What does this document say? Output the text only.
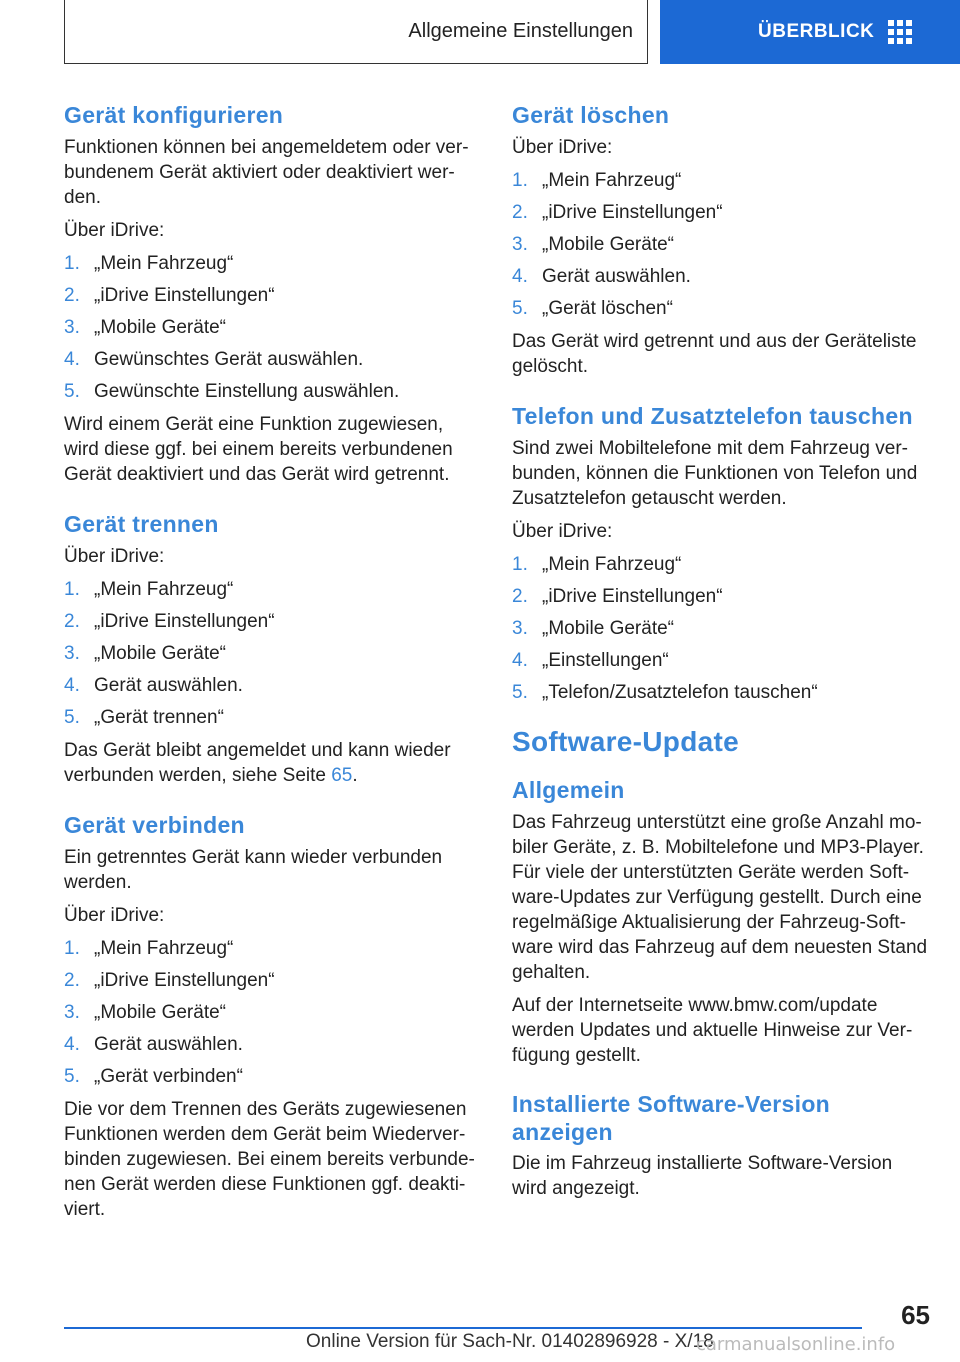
Allgemeine Einstellungen	ÜBERBLICK
Gerät konfigurieren

Funktionen können bei angemeldetem oder ver-bundenem Gerät aktiviert oder deaktiviert wer-den.

Über iDrive:

1. „Mein Fahrzeug“
2. „iDrive Einstellungen“
3. „Mobile Geräte“
4. Gewünschtes Gerät auswählen.
5. Gewünschte Einstellung auswählen.

Wird einem Gerät eine Funktion zugewiesen, wird diese ggf. bei einem bereits verbundenen Gerät deaktiviert und das Gerät wird getrennt.

Gerät trennen

Über iDrive:

1. „Mein Fahrzeug“
2. „iDrive Einstellungen“
3. „Mobile Geräte“
4. Gerät auswählen.
5. „Gerät trennen“

Das Gerät bleibt angemeldet und kann wieder verbunden werden, siehe Seite 65.

Gerät verbinden

Ein getrenntes Gerät kann wieder verbunden werden.

Über iDrive:

1. „Mein Fahrzeug“
2. „iDrive Einstellungen“
3. „Mobile Geräte“
4. Gerät auswählen.
5. „Gerät verbinden“

Die vor dem Trennen des Geräts zugewiesenen Funktionen werden dem Gerät beim Wiederver-binden zugewiesen. Bei einem bereits verbunde-nen Gerät werden diese Funktionen ggf. deakti-viert.

Gerät löschen

Über iDrive:

1. „Mein Fahrzeug“
2. „iDrive Einstellungen“
3. „Mobile Geräte“
4. Gerät auswählen.
5. „Gerät löschen“

Das Gerät wird getrennt und aus der Geräteliste gelöscht.

Telefon und Zusatztelefon tauschen

Sind zwei Mobiltelefone mit dem Fahrzeug ver-bunden, können die Funktionen von Telefon und Zusatztelefon getauscht werden.

Über iDrive:

1. „Mein Fahrzeug“
2. „iDrive Einstellungen“
3. „Mobile Geräte“
4. „Einstellungen“
5. „Telefon/Zusatztelefon tauschen“
Software-Update
Allgemein

Das Fahrzeug unterstützt eine große Anzahl mo-biler Geräte, z. B. Mobiltelefone und MP3-Player. Für viele der unterstützten Geräte werden Soft-ware-Updates zur Verfügung gestellt. Durch eine regelmäßige Aktualisierung der Fahrzeug-Soft-ware wird das Fahrzeug auf dem neuesten Stand gehalten.

Auf der Internetseite www.bmw.com/update werden Updates und aktuelle Hinweise zur Ver-fügung gestellt.

Installierte Software-Version anzeigen

Die im Fahrzeug installierte Software-Version wird angezeigt.

65
Online Version für Sach-Nr. 01402896928 - X/18
carmanualsonline.info
